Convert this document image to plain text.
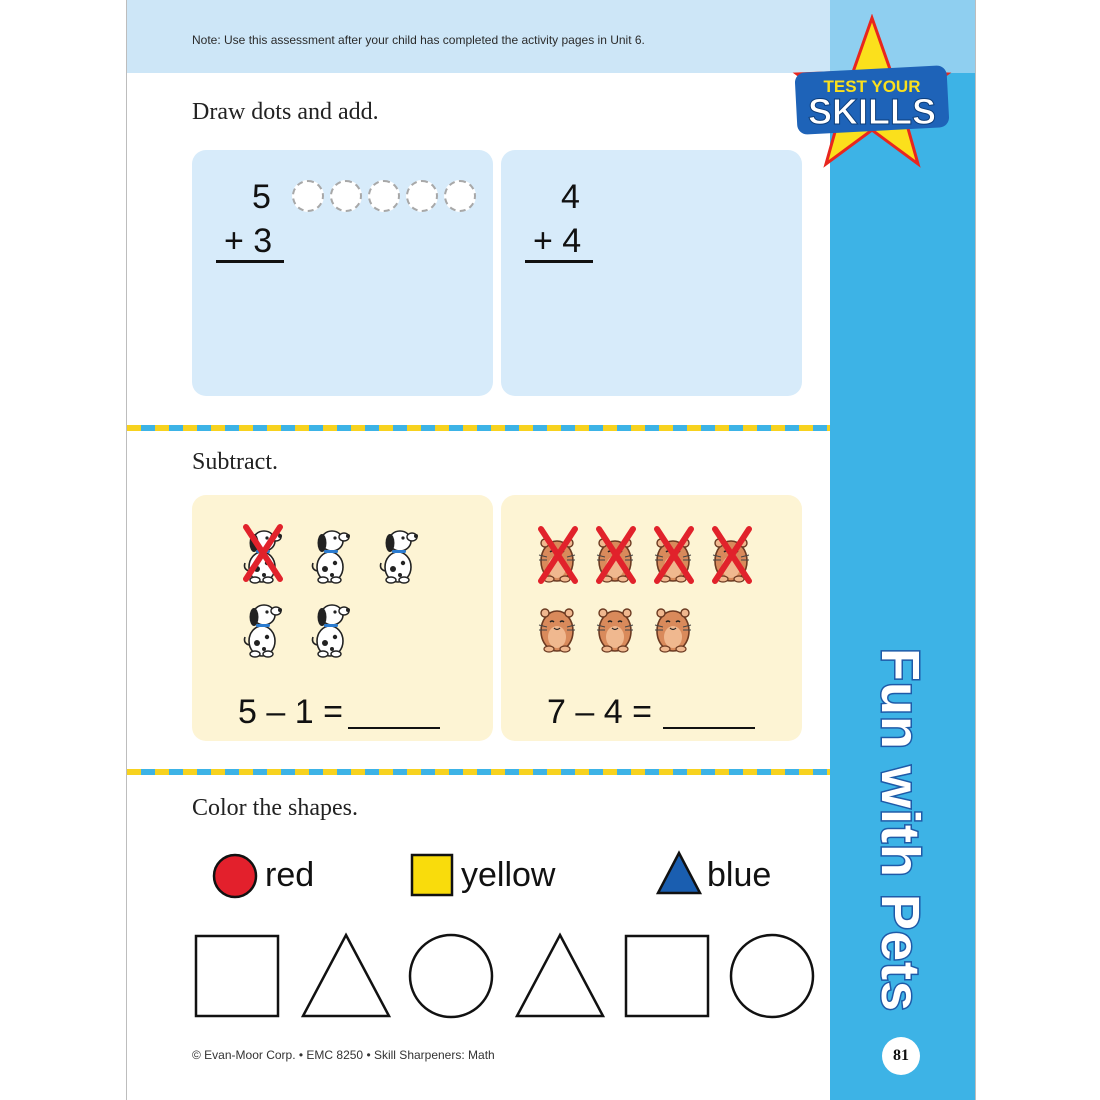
Note: Use this assessment after your child has completed the activity pages in Unit 6.
TEST YOUR
SKILLS
Draw dots and add.
5
+ 3
4
+ 4
Subtract.
5 – 1 =	7 – 4 =
Color the shapes.
red	yellow	blue
© Evan-Moor Corp. • EMC 8250 • Skill Sharpeners: Math
Fun with Pets
81
